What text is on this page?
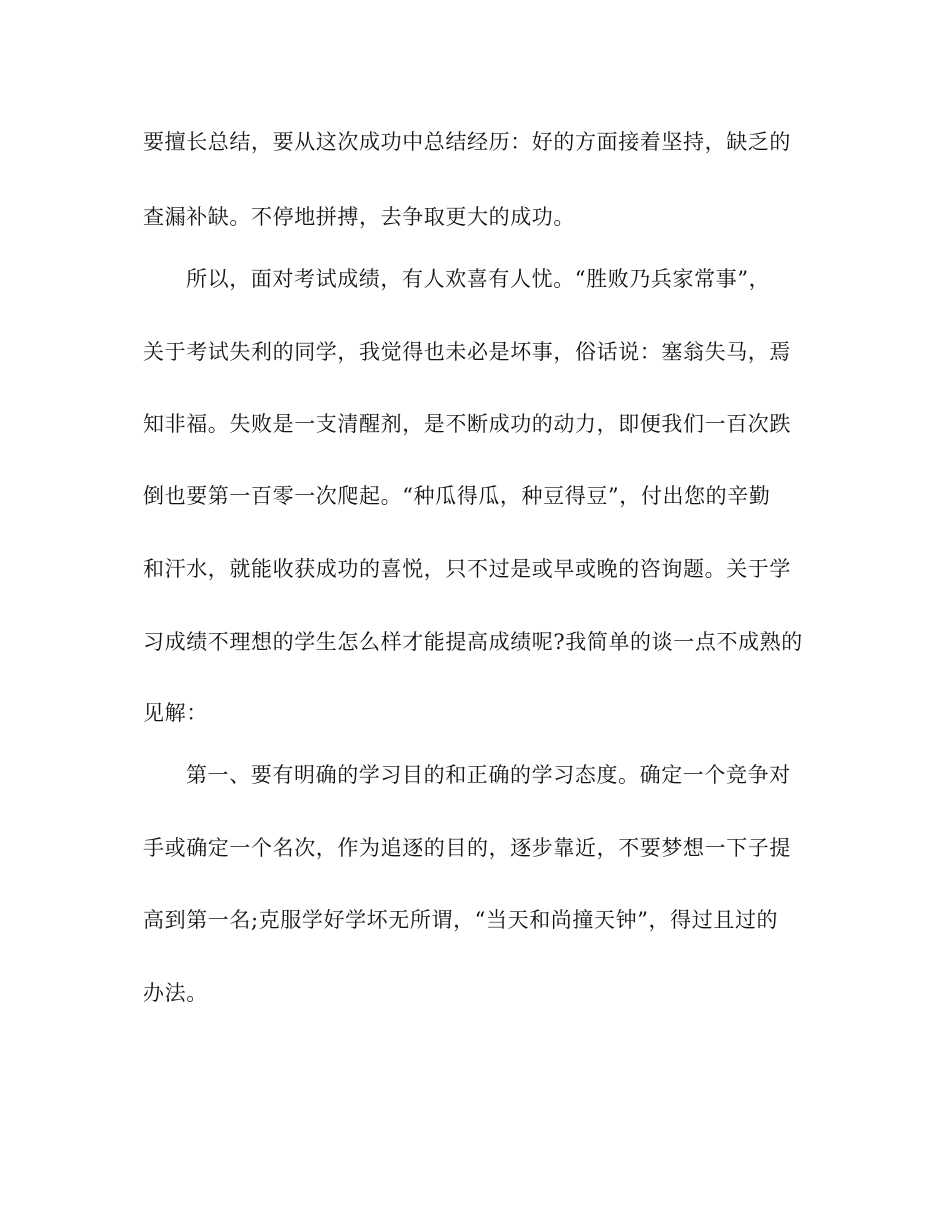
要擅长总结，要从这次成功中总结经历：好的方面接着坚持，缺乏的
查漏补缺。不停地拼搏，去争取更大的成功。
所以，面对考试成绩，有人欢喜有人忧。“胜败乃兵家常事”，
关于考试失利的同学，我觉得也未必是坏事，俗话说：塞翁失马，焉
知非福。失败是一支清醒剂，是不断成功的动力，即便我们一百次跌
倒也要第一百零一次爬起。“种瓜得瓜，种豆得豆”，付出您的辛勤
和汗水，就能收获成功的喜悦，只不过是或早或晚的咨询题。关于学
习成绩不理想的学生怎么样才能提高成绩呢?我简单的谈一点不成熟的
见解：
第一、要有明确的学习目的和正确的学习态度。确定一个竞争对
手或确定一个名次，作为追逐的目的，逐步靠近，不要梦想一下子提
高到第一名;克服学好学坏无所谓，“当天和尚撞天钟”，得过且过的
办法。
